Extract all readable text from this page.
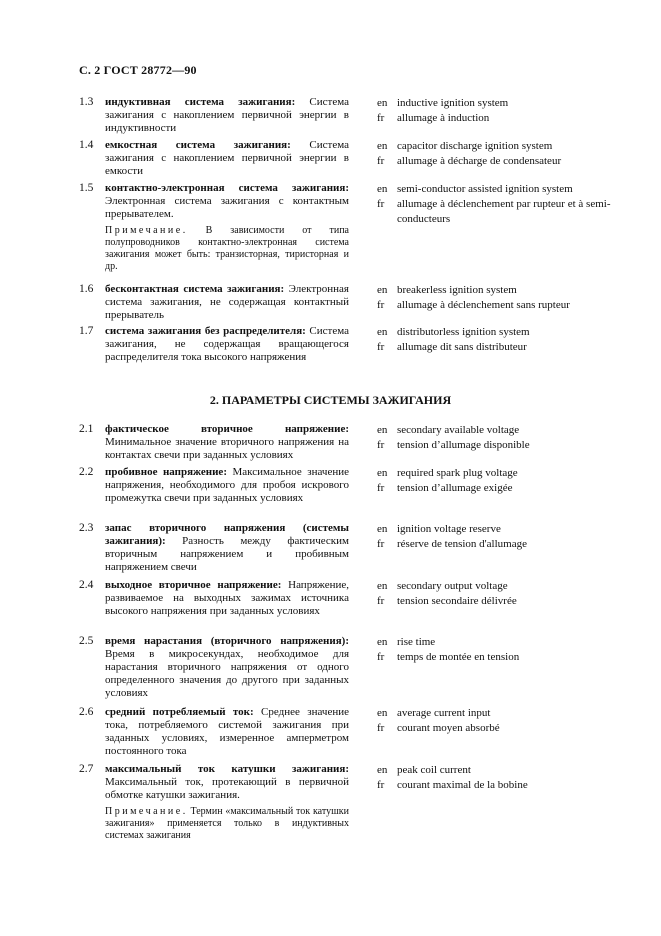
С. 2 ГОСТ 28772—90
1.3	индуктивная система зажигания: Система зажигания с накоплением первичной энергии в индуктивности
en inductive ignition system
fr	allumage à induction
1.4	емкостная система зажигания: Система зажигания с накоплением первичной энергии в емкости
en capacitor discharge ignition system
fr	allumage à décharge de condensateur
1.5	контактно-электронная система зажигания: Электронная система зажигания с контактным прерывателем.
Примечание. В зависимости от типа полупроводников контактно-электронная система зажигания может быть: транзисторная, тиристорная и др.
en semi-conductor assisted ignition system
fr	allumage à déclenchement par rupteur et à semi-conducteurs
1.6	бесконтактная система зажигания: Электронная система зажигания, не содержащая контактный прерыватель
en breakerless ignition system
fr	allumage à déclenchement sans rupteur
1.7	система зажигания без распределителя: Система зажигания, не содержащая вращающегося распределителя тока высокого напряжения
en distributorless ignition system
fr	allumage dit sans distributeur
2. ПАРАМЕТРЫ СИСТЕМЫ ЗАЖИГАНИЯ
2.1	фактическое вторичное напряжение: Минимальное значение вторичного напряжения на контактах свечи при заданных условиях
en secondary available voltage
fr	tension d’allumage disponible
2.2	пробивное напряжение: Максимальное значение напряжения, необходимого для пробоя искрового промежутка свечи при заданных условиях
en required spark plug voltage
fr	tension d’allumage exigée
2.3	запас вторичного напряжения (системы зажигания): Разность между фактическим вторичным напряжением и пробивным напряжением свечи
en ignition voltage reserve
fr	réserve de tension d'allumage
2.4	выходное вторичное напряжение: Напряжение, развиваемое на выходных зажимах источника высокого напряжения при заданных условиях
en secondary output voltage
fr	tension secondaire délivrée
2.5	время нарастания (вторичного напряжения): Время в микросекундах, необходимое для нарастания вторичного напряжения от одного определенного значения до другого при заданных условиях
en rise time
fr	temps de montée en tension
2.6	средний потребляемый ток: Среднее значение тока, потребляемого системой зажигания при заданных условиях, измеренное амперметром постоянного тока
en average current input
fr	courant moyen absorbé
2.7	максимальный ток катушки зажигания: Максимальный ток, протекающий в первичной обмотке катушки зажигания.
Примечание. Термин «максимальный ток катушки зажигания» применяется только в индуктивных системах зажигания
en peak coil current
fr	courant maximal de la bobine
